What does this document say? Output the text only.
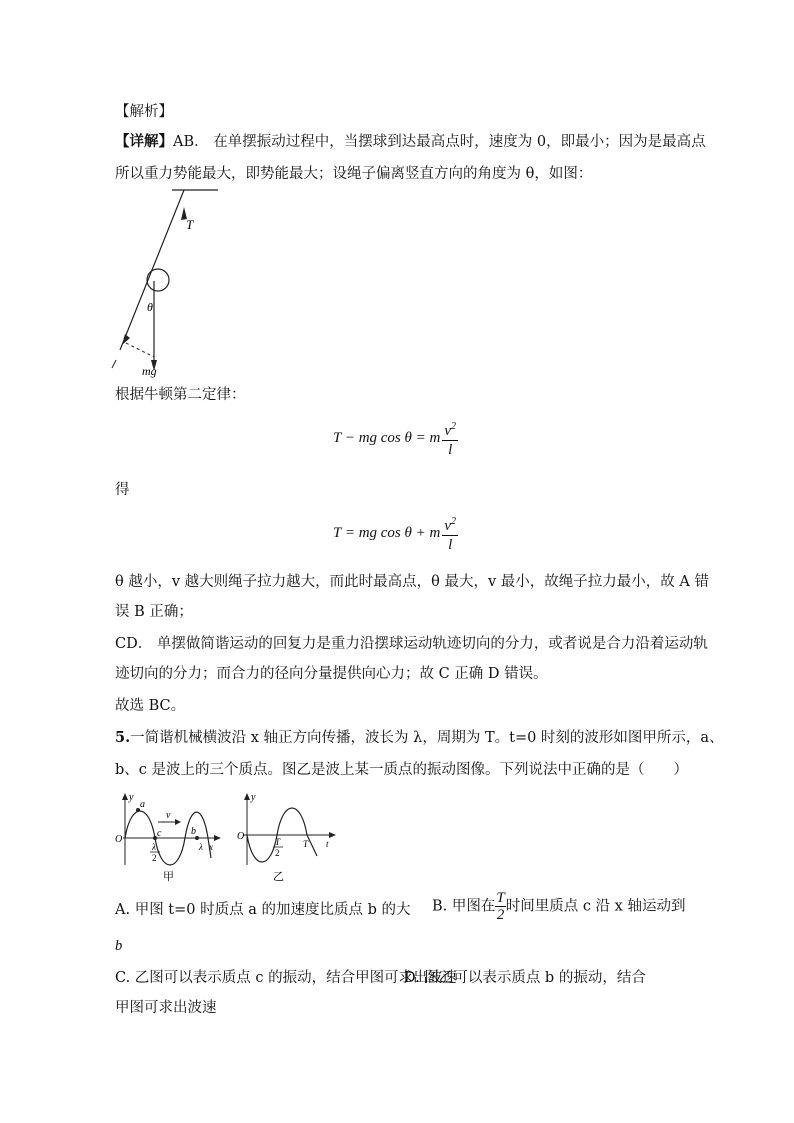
【解析】
【详解】AB． 在单摆振动过程中，当摆球到达最高点时，速度为 0，即最小；因为是最高点
所以重力势能最大，即势能最大；设绳子偏离竖直方向的角度为 θ，如图：
T
θ
mg
根据牛顿第二定律：
T − mg cos θ = m $\frac{v^2}{l}$
得
T = mg cos θ + m $\frac{v^2}{l}$
θ 越小，v 越大则绳子拉力越大，而此时最高点，θ 最大，v 最小，故绳子拉力最小，故 A 错
误 B 正确；
CD． 单摆做简谐运动的回复力是重力沿摆球运动轨迹切向的分力，或者说是合力沿着运动轨
迹切向的分力；而合力的径向分量提供向心力；故 C 正确 D 错误。
故选 BC。
5.一简谐机械横波沿 x 轴正方向传播，波长为 λ，周期为 T。t=0 时刻的波形如图甲所示，a、
b、c 是波上的三个质点。图乙是波上某一质点的振动图像。下列说法中正确的是（　　）
y
O
a
c	b
v
λ
2
λ x
甲
y
O	T
2
T t
乙
A. 甲图 t=0 时质点 a 的加速度比质点 b 的大 B. 甲图在 $\frac{T}{2}$ 时间里质点 c 沿 x 轴运动到
b
C. 乙图可以表示质点 c 的振动，结合甲图可求出波速
D. 图乙可以表示质点 b 的振动，结合
甲图可求出波速
